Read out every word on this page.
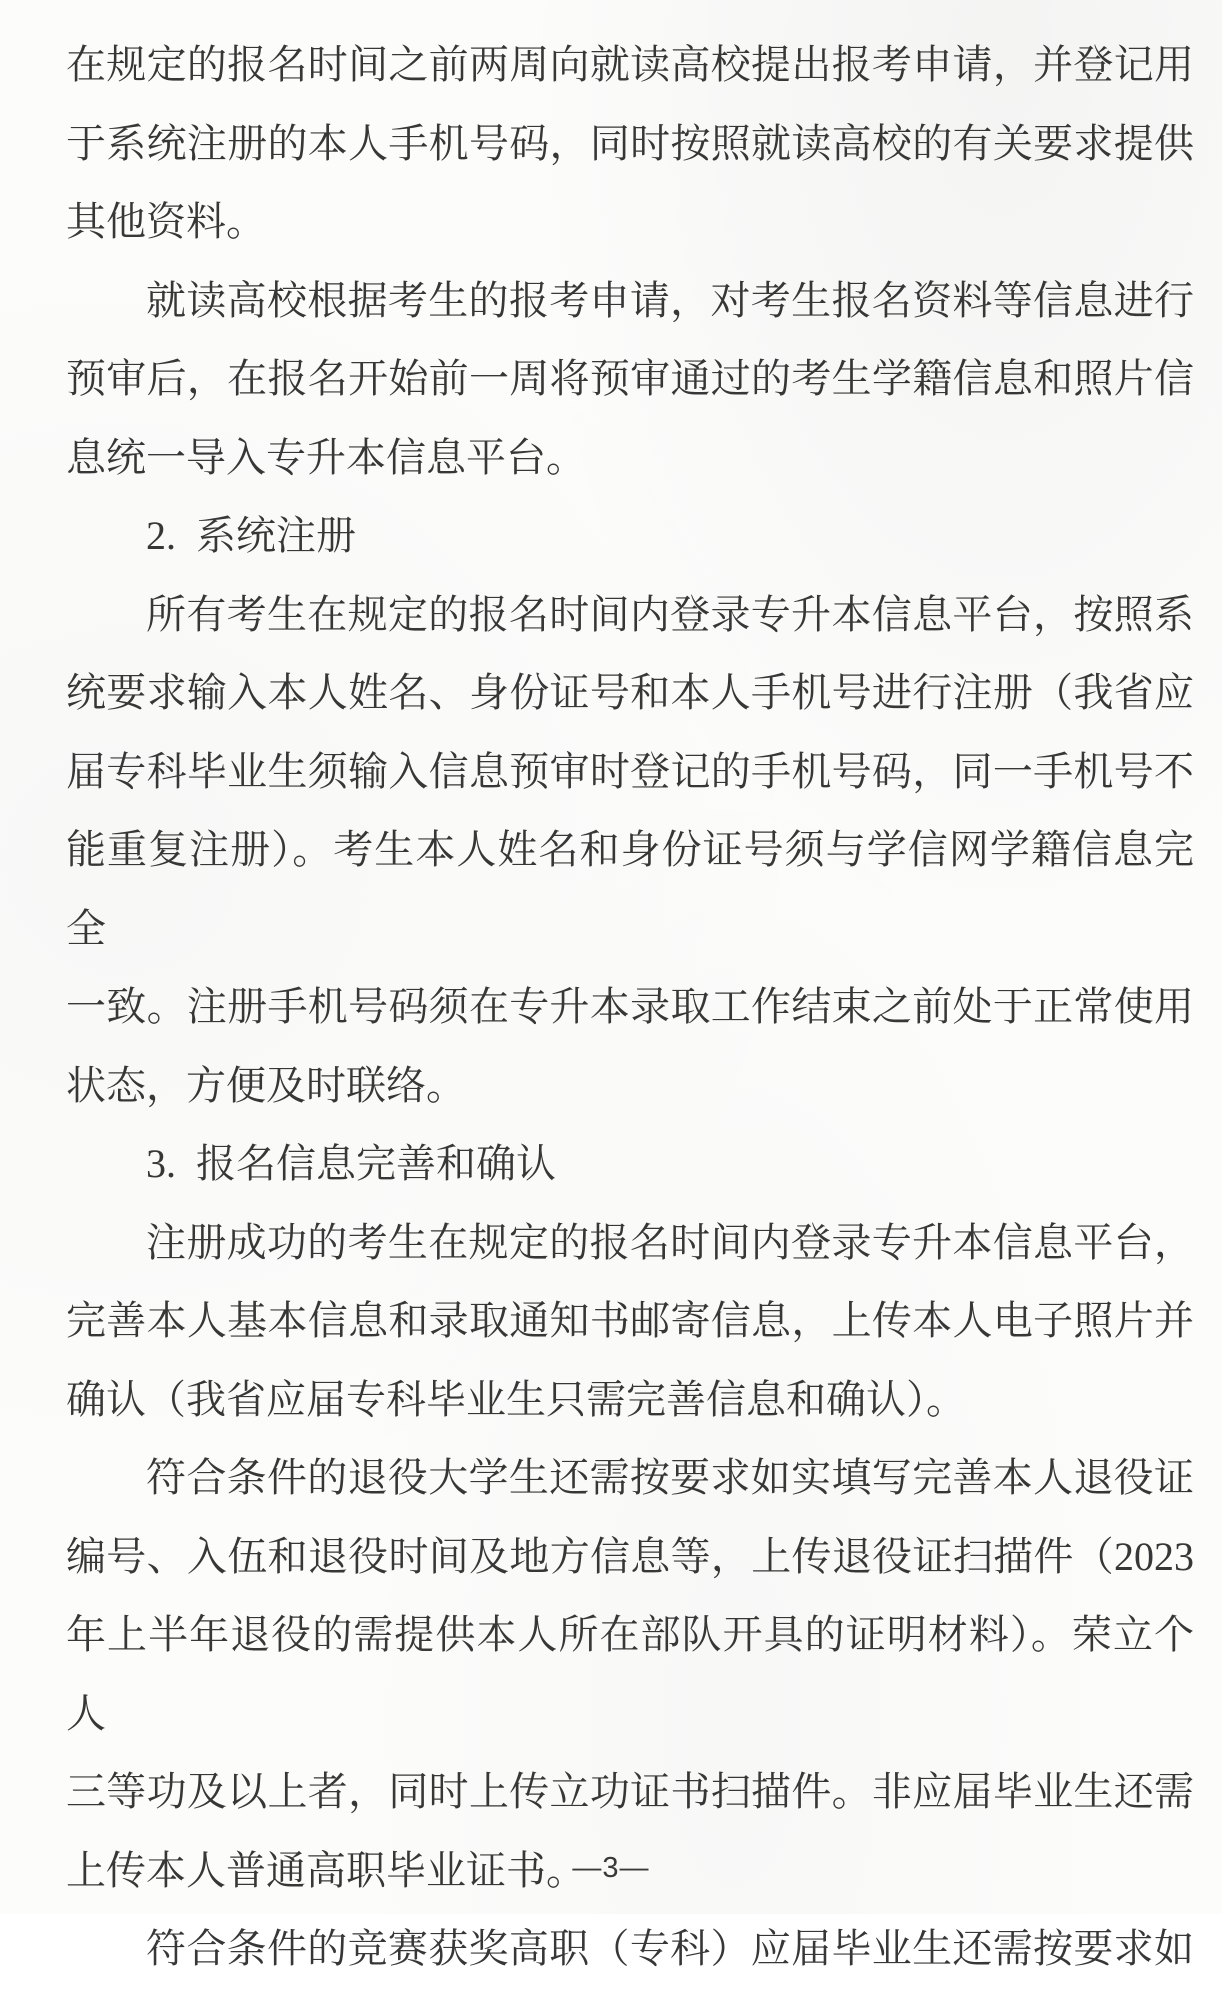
在规定的报名时间之前两周向就读高校提出报考申请，并登记用
于系统注册的本人手机号码，同时按照就读高校的有关要求提供
其他资料。
就读高校根据考生的报考申请，对考生报名资料等信息进行
预审后，在报名开始前一周将预审通过的考生学籍信息和照片信
息统一导入专升本信息平台。
2.  系统注册
所有考生在规定的报名时间内登录专升本信息平台，按照系
统要求输入本人姓名、身份证号和本人手机号进行注册（我省应
届专科毕业生须输入信息预审时登记的手机号码，同一手机号不
能重复注册）。考生本人姓名和身份证号须与学信网学籍信息完全
一致。注册手机号码须在专升本录取工作结束之前处于正常使用
状态，方便及时联络。
3.  报名信息完善和确认
注册成功的考生在规定的报名时间内登录专升本信息平台，
完善本人基本信息和录取通知书邮寄信息，上传本人电子照片并
确认（我省应届专科毕业生只需完善信息和确认）。
符合条件的退役大学生还需按要求如实填写完善本人退役证
编号、入伍和退役时间及地方信息等，上传退役证扫描件（2023
年上半年退役的需提供本人所在部队开具的证明材料）。荣立个人
三等功及以上者，同时上传立功证书扫描件。非应届毕业生还需
上传本人普通高职毕业证书。
符合条件的竞赛获奖高职（专科）应届毕业生还需按要求如
—3—
